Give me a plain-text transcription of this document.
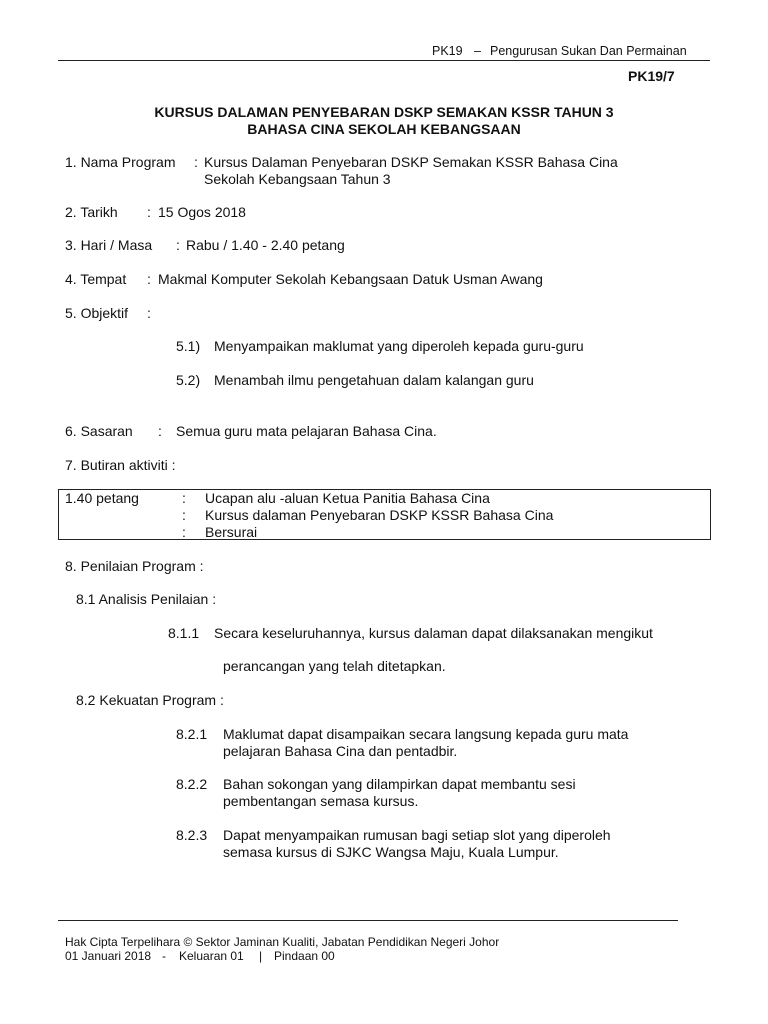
PK19 – Pengurusan Sukan Dan Permainan
PK19/7
KURSUS DALAMAN PENYEBARAN DSKP SEMAKAN KSSR TAHUN 3
BAHASA CINA SEKOLAH KEBANGSAAN
1. Nama Program : Kursus Dalaman Penyebaran DSKP Semakan KSSR Bahasa Cina
Sekolah Kebangsaan Tahun 3
2. Tarikh : 15 Ogos 2018
3. Hari / Masa : Rabu / 1.40 - 2.40 petang
4. Tempat : Makmal Komputer Sekolah Kebangsaan Datuk Usman Awang
5. Objektif :
5.1) Menyampaikan maklumat yang diperoleh kepada guru-guru
5.2) Menambah ilmu pengetahuan dalam kalangan guru
6. Sasaran : Semua guru mata pelajaran Bahasa Cina.
7. Butiran aktiviti :
1.40 petang	: Ucapan alu -aluan Ketua Panitia Bahasa Cina
: Kursus dalaman Penyebaran DSKP KSSR Bahasa Cina
: Bersurai
8. Penilaian Program :
8.1 Analisis Penilaian :
8.1.1 Secara keseluruhannya, kursus dalaman dapat dilaksanakan mengikut
perancangan yang telah ditetapkan.
8.2 Kekuatan Program :
8.2.1 Maklumat dapat disampaikan secara langsung kepada guru mata
pelajaran Bahasa Cina dan pentadbir.
8.2.2 Bahan sokongan yang dilampirkan dapat membantu sesi
pembentangan semasa kursus.
8.2.3 Dapat menyampaikan rumusan bagi setiap slot yang diperoleh
semasa kursus di SJKC Wangsa Maju, Kuala Lumpur.
Hak Cipta Terpelihara © Sektor Jaminan Kualiti, Jabatan Pendidikan Negeri Johor
01 Januari 2018 - Keluaran 01 | Pindaan 00
